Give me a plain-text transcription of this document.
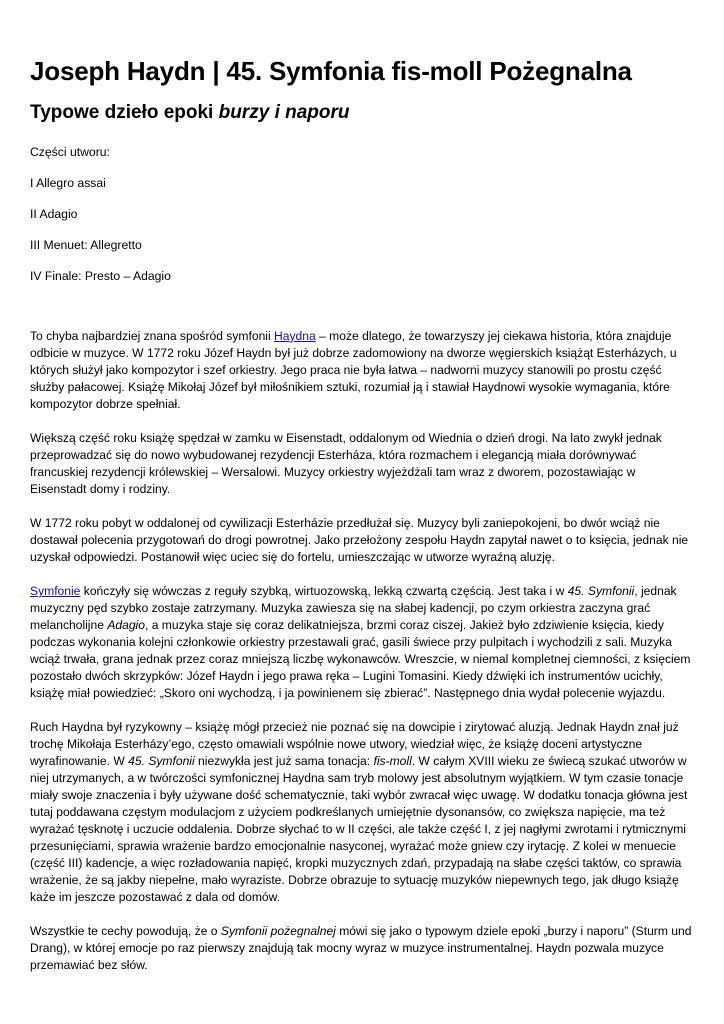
Joseph Haydn | 45. Symfonia fis-moll Pożegnalna
Typowe dzieło epoki burzy i naporu
Części utworu:
I Allegro assai
II Adagio
III Menuet: Allegretto
IV Finale: Presto – Adagio

To chyba najbardziej znana spośród symfonii Haydna – może dlatego, że towarzyszy jej ciekawa historia, która znajduje odbicie w muzyce. W 1772 roku Józef Haydn był już dobrze zadomowiony na dworze węgierskich książąt Esterházych, u których służył jako kompozytor i szef orkiestry. Jego praca nie była łatwa – nadworni muzycy stanowili po prostu część służby pałacowej. Książę Mikołaj Józef był miłośnikiem sztuki, rozumiał ją i stawiał Haydnowi wysokie wymagania, które kompozytor dobrze spełniał.

Większą część roku książę spędzał w zamku w Eisenstadt, oddalonym od Wiednia o dzień drogi. Na lato zwykł jednak przeprowadzać się do nowo wybudowanej rezydencji Esterháza, która rozmachem i elegancją miała dorównywać francuskiej rezydencji królewskiej – Wersalowi. Muzycy orkiestry wyjeżdżali tam wraz z dworem, pozostawiając w Eisenstadt domy i rodziny.

W 1772 roku pobyt w oddalonej od cywilizacji Esterházie przedłużał się. Muzycy byli zaniepokojeni, bo dwór wciąż nie dostawał polecenia przygotowań do drogi powrotnej. Jako przełożony zespołu Haydn zapytał nawet o to księcia, jednak nie uzyskał odpowiedzi. Postanowił więc uciec się do fortelu, umieszczając w utworze wyraźną aluzję.

Symfonie kończyły się wówczas z reguły szybką, wirtuozowską, lekką czwartą częścią. Jest taka i w 45. Symfonii, jednak muzyczny pęd szybko zostaje zatrzymany. Muzyka zawiesza się na słabej kadencji, po czym orkiestra zaczyna grać melancholijne Adagio, a muzyka staje się coraz delikatniejsza, brzmi coraz ciszej. Jakież było zdziwienie księcia, kiedy podczas wykonania kolejni członkowie orkiestry przestawali grać, gasili świece przy pulpitach i wychodzili z sali. Muzyka wciąż trwała, grana jednak przez coraz mniejszą liczbę wykonawców. Wreszcie, w niemal kompletnej ciemności, z księciem pozostało dwóch skrzypków: Józef Haydn i jego prawa ręka – Lugini Tomasini. Kiedy dźwięki ich instrumentów ucichły, książę miał powiedzieć: „Skoro oni wychodzą, i ja powinienem się zbierać”. Następnego dnia wydał polecenie wyjazdu.

Ruch Haydna był ryzykowny – książę mógł przecież nie poznać się na dowcipie i zirytować aluzją. Jednak Haydn znał już trochę Mikołaja Esterházy’ego, często omawiali wspólnie nowe utwory, wiedział więc, że książę doceni artystyczne wyrafinowanie. W 45. Symfonii niezwykła jest już sama tonacja: fis-moll. W całym XVIII wieku ze świecą szukać utworów w niej utrzymanych, a w twórczości symfonicznej Haydna sam tryb molowy jest absolutnym wyjątkiem. W tym czasie tonacje miały swoje znaczenia i były używane dość schematycznie, taki wybór zwracał więc uwagę. W dodatku tonacja główna jest tutaj poddawana częstym modulacjom z użyciem podkreślanych umiejętnie dysonansów, co zwiększa napięcie, ma też wyrażać tęsknotę i uczucie oddalenia. Dobrze słychać to w II części, ale także część I, z jej nagłymi zwrotami i rytmicznymi przesunięciami, sprawia wrażenie bardzo emocjonalnie nasyconej, wyrażać może gniew czy irytację. Z kolei w menuecie (część III) kadencje, a więc rozładowania napięć, kropki muzycznych zdań, przypadają na słabe części taktów, co sprawia wrażenie, że są jakby niepełne, mało wyraziste. Dobrze obrazuje to sytuację muzyków niepewnych tego, jak długo książę każe im jeszcze pozostawać z dala od domów.

Wszystkie te cechy powodują, że o Symfonii pożegnalnej mówi się jako o typowym dziele epoki „burzy i naporu” (Sturm und Drang), w której emocje po raz pierwszy znajdują tak mocny wyraz w muzyce instrumentalnej. Haydn pozwala muzyce przemawiać bez słów.
